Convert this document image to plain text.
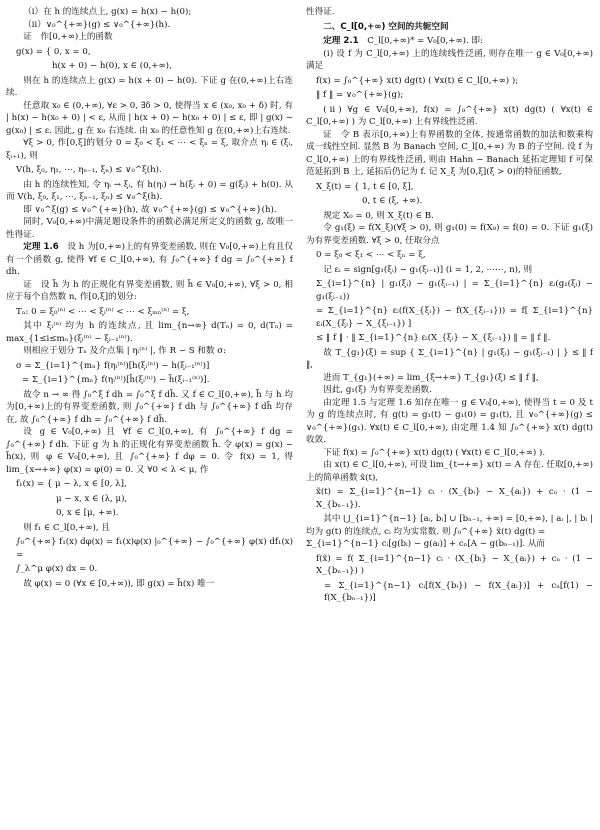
（ⅰ）在 h 的连续点上, g(x) = h(x) − h(0);

（ⅱ）∨₀^{+∞}(g) ≤ ∨₀^{+∞}(h).

证　作[0,+∞)上的函数

g(x) = { 0, x = 0,

h(x + 0) − h(0), x ∈ (0,+∞),

则在 h 的连续点上 g(x) = h(x + 0) − h(0). 下证 g 在(0,+∞)上右连续.

任意取 x₀ ∈ (0,+∞), ∀ε > 0, ∃δ > 0, 使得当 x ∈ (x₀, x₀ + δ) 时, 有 | h(x) − h(x₀ + 0) | < ε, 从而 | h(x + 0) − h(x₀ + 0) | ≤ ε, 即 | g(x) − g(x₀) | ≤ ε. 因此, g 在 x₀ 右连续. 由 x₀ 的任意性知 g 在(0,+∞)上右连续.

∀ξ > 0, 作[0,ξ]的划分 0 = ξ₀ < ξ₁ < ⋯ < ξₙ = ξ, 取介点 ηᵢ ∈ (ξᵢ, ξᵢ₊₁), 则

V(h, ξ₀, η₁, ⋯, ηₙ₋₁, ξₙ) ≤ ∨₀^ξ(h).

由 h 的连续性知, 令 ηᵢ → ξᵢ, 有 h(ηᵢ) → h(ξᵢ + 0) = g(ξᵢ) + h(0). 从而 V(h, ξ₀, ξ₁, ⋯, ξₙ₋₁, ξₙ) ≤ ∨₀^ξ(h).

即 ∨₀^ξ(g) ≤ ∨₀^{+∞}(h), 故 ∨₀^{+∞}(g) ≤ ∨₀^{+∞}(h).

同时, V₀[0,+∞)中满足题设条件的函数必满足所定义的函数 g, 故唯一性得证.

定理 1.6　 设 h 为[0,+∞)上的有界变差函数, 则在 V₀[0,+∞)上有且仅有一个函数 g, 使得 ∀f ∈ C_l[0,+∞), 有 ∫₀^{+∞} f dg = ∫₀^{+∞} f dh.

证　设 h̃ 为 h 的正规化有界变差函数, 则 h̃ ∈ V₀[0,+∞), ∀ξ > 0, 相应于每个自然数 n, 作[0,ξ]的划分:

Tₙ: 0 = ξ₀⁽ⁿ⁾ < ⋯ < ξᵢ⁽ⁿ⁾ < ⋯ < ξₘₙ⁽ⁿ⁾ = ξ,

其中 ξᵢ⁽ⁿ⁾ 均为 h 的连续点, 且 lim_{n→∞} d(Tₙ) = 0, d(Tₙ) = max_{1≤i≤mₙ}(ξᵢ⁽ⁿ⁾ − ξᵢ₋₁⁽ⁿ⁾).

则相应于划分 Tₙ 及介点集 | ηᵢ⁽ⁿ⁾ |, 作 R − S 和数 σ:

σ = Σ_{i=1}^{mₙ} f(ηᵢ⁽ⁿ⁾)[h(ξᵢ⁽ⁿ⁾) − h(ξᵢ₋₁⁽ⁿ⁾)]

= Σ_{i=1}^{mₙ} f(ηᵢ⁽ⁿ⁾)[h̃(ξᵢ⁽ⁿ⁾) − h̃(ξᵢ₋₁⁽ⁿ⁾)].

故令 n → ∞ 得 ∫₀^ξ f dh = ∫₀^ξ f dh̃. 又 f ∈ C_l[0,+∞), h̃ 与 h 均为[0,+∞)上的有界变差函数, 则 ∫₀^{+∞} f dh 与 ∫₀^{+∞} f dh̃ 均存在, 故 ∫₀^{+∞} f dh = ∫₀^{+∞} f dh̃.

设 g ∈ V₀[0,+∞) 且 ∀f ∈ C_l[0,+∞), 有 ∫₀^{+∞} f dg = ∫₀^{+∞} f dh. 下证 g 为 h 的正规化有界变差函数 h̃. 令 φ(x) = g(x) − h̃(x), 则 φ ∈ V₀[0,+∞), 且 ∫₀^{+∞} f dφ = 0. 令 f(x) = 1, 得 lim_{x→+∞} φ(x) = φ(0) = 0. 又 ∀0 < λ < μ, 作

f₁(x) = { μ − λ, x ∈ [0, λ],

μ − x, x ∈ (λ, μ),

0, x ∈ [μ, +∞).

则 f₁ ∈ C_l[0,+∞), 且

∫₀^{+∞} f₁(x) dφ(x) = f₁(x)φ(x) |₀^{+∞} − ∫₀^{+∞} φ(x) df₁(x) =

∫_λ^μ φ(x) dx = 0.

故 φ(x) = 0 (∀x ∈ [0,+∞)), 即 g(x) = h̃(x) 唯一

性得证.

二、C_l[0,+∞) 空间的共轭空间

定理 2.1　 C_l[0,+∞)* = V₀[0,+∞). 即:

(ⅰ) 设 f 为 C_l[0,+∞) 上的连续线性泛函, 则存在唯一 g ∈ V₀[0,+∞) 满足

f(x) = ∫₀^{+∞} x(t) dg(t) ( ∀x(t) ∈ C_l[0,+∞) );

‖ f ‖ = ∨₀^{+∞}(g);

(ⅱ) ∀g ∈ V₀[0,+∞), f(x) = ∫₀^{+∞} x(t) dg(t) ( ∀x(t) ∈ C_l[0,+∞) ) 为 C_l[0,+∞) 上有界线性泛函.

证　令 B 表示[0,+∞)上有界函数的全体, 按通常函数的加法和数乘构成一线性空间. 显然 B 为 Banach 空间, C_l[0,+∞) 为 B 的子空间. 设 f 为 C_l[0,+∞) 上的有界线性泛函, 则由 Hahn − Banach 延拓定理知 f 可保范延拓到 B 上, 延拓后仍记为 f. 记 X_ξ 为[0,ξ](ξ > 0)的特征函数,

X_ξ(t) = { 1, t ∈ [0, ξ],

0, t ∈ (ξ, +∞).

规定 X₀ = 0, 则 X_ξ(t) ∈ B.

令 g₁(ξ) = f(X_ξ)(∀ξ > 0), 则 g₁(0) = f(X₀) = f(0) = 0. 下证 g₁(ξ) 为有界变差函数. ∀ξ > 0, 任取分点

0 = ξ₀ < ξ₁ < ⋯ < ξₙ = ξ,

记 εᵢ = sign[g₁(ξᵢ) − g₁(ξᵢ₋₁)] (i = 1, 2, ⋯⋯, n), 则

Σ_{i=1}^{n} | g₁(ξᵢ) − g₁(ξᵢ₋₁) | = Σ_{i=1}^{n} εᵢ(g₁(ξᵢ) − g₁(ξᵢ₋₁))

= Σ_{i=1}^{n} εᵢ(f(X_{ξᵢ}) − f(X_{ξᵢ₋₁})) = f[ Σ_{i=1}^{n} εᵢ(X_{ξᵢ} − X_{ξᵢ₋₁}) ]

≤ ‖ f ‖ · ‖ Σ_{i=1}^{n} εᵢ(X_{ξᵢ} − X_{ξᵢ₋₁}) ‖ = ‖ f ‖.

故 T_{g₁}(ξ) = sup { Σ_{i=1}^{n} | g₁(ξᵢ) − g₁(ξᵢ₋₁) | } ≤ ‖ f ‖,

进而 T_{g₁}(+∞) = lim_{ξ→+∞} T_{g₁}(ξ) ≤ ‖ f ‖,

因此, g₁(ξ) 为有界变差函数.

由定理 1.5 与定理 1.6 知存在唯一 g ∈ V₀[0,+∞), 使得当 t = 0 及 t 为 g 的连续点时, 有 g(t) = g₁(t) − g₁(0) = g₁(t), 且 ∨₀^{+∞}(g) ≤ ∨₀^{+∞}(g₁). ∀x(t) ∈ C_l[0,+∞), 由定理 1.4 知 ∫₀^{+∞} x(t) dg(t) 收敛.

下证 f(x) = ∫₀^{+∞} x(t) dg(t) ( ∀x(t) ∈ C_l[0,+∞) ).

由 x(t) ∈ C_l[0,+∞), 可设 lim_{t→+∞} x(t) = A 存在. 任取[0,+∞)上的简单函数 x̃(t),

x̃(t) = Σ_{i=1}^{n−1} cᵢ · (X_{bᵢ} − X_{aᵢ}) + cₙ · (1 − X_{bₙ₋₁}).

其中 ⋃_{i=1}^{n−1} [aᵢ, bᵢ] ∪ [bₙ₋₁, +∞) = [0,+∞), | aᵢ |, | bᵢ | 均为 g(t) 的连续点, cᵢ 均为实常数. 则 ∫₀^{+∞} x̃(t) dg(t) =

Σ_{i=1}^{n−1} cᵢ[g(bᵢ) − g(aᵢ)] + cₙ[A − g(bₙ₋₁)]. 从而

f(x̃) = f( Σ_{i=1}^{n−1} cᵢ · (X_{bᵢ} − X_{aᵢ}) + cₙ · (1 − X_{bₙ₋₁}) )

= Σ_{i=1}^{n−1} cᵢ[f(X_{bᵢ}) − f(X_{aᵢ})] + cₙ[f(1) − f(X_{bₙ₋₁})]
